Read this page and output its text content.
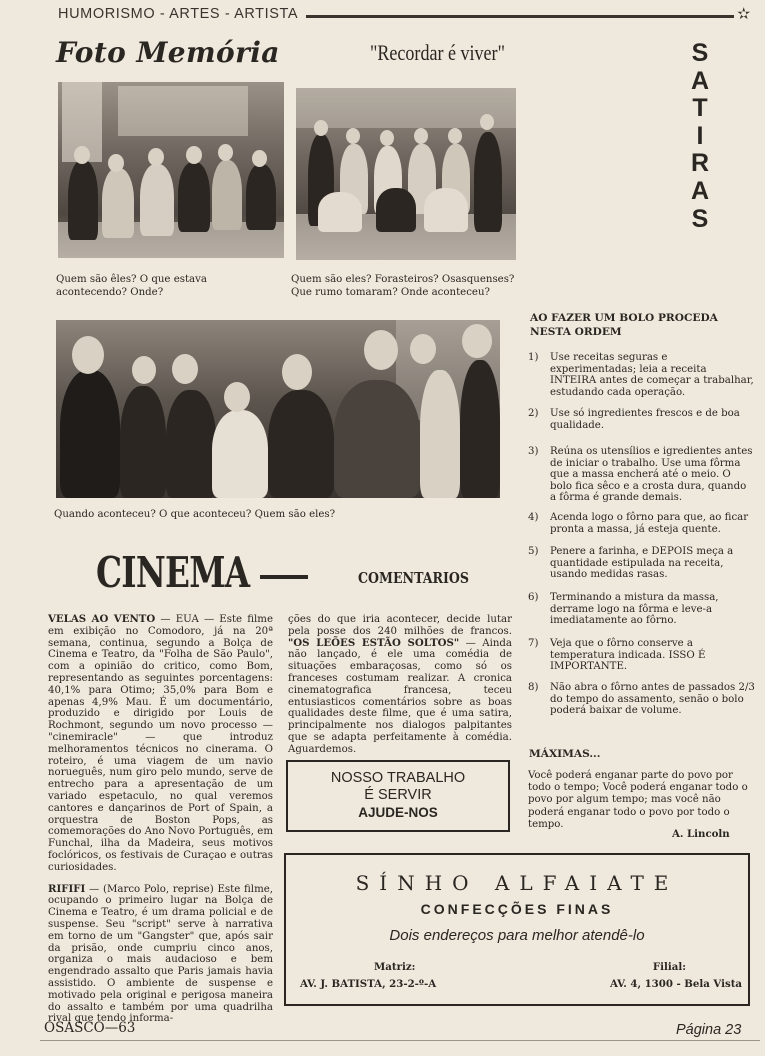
HUMORISMO - ARTES - ARTISTA	✫
Foto Memória	"Recordar é viver"
Quem são êles? O que estava acontecendo? Onde?
Quem são eles? Forasteiros? Osasquenses? Que rumo tomaram? Onde aconteceu?
Quando aconteceu? O que aconteceu? Quem são eles?
S
A
T
I
R
A
S
AO FAZER UM BOLO PROCEDA NESTA ORDEM
1) Use receitas seguras e experimentadas; leia a receita INTEIRA antes de começar a trabalhar, estudando cada operação.
2) Use só ingredientes frescos e de boa qualidade.
3) Reúna os utensílios e igredientes antes de iniciar o trabalho. Use uma fôrma que a massa encherá até o meio. O bolo fica sêco e a crosta dura, quando a fôrma é grande demais.
4) Acenda logo o fôrno para que, ao ficar pronta a massa, já esteja quente.
5) Penere a farinha, e DEPOIS meça a quantidade estipulada na receita, usando medidas rasas.
6) Terminando a mistura da massa, derrame logo na fôrma e leve-a imediatamente ao fôrno.
7) Veja que o fôrno conserve a temperatura indicada. ISSO É IMPORTANTE.
8) Não abra o fôrno antes de passados 2/3 do tempo do assamento, senão o bolo poderá baixar de volume.
MÁXIMAS...
Você poderá enganar parte do povo por todo o tempo; Você poderá enganar todo o povo por algum tempo; mas você não poderá enganar todo o povo por todo o tempo.
A. Lincoln
CINEMA	COMENTARIOS

VELAS AO VENTO — EUA — Este filme em exibição no Comodoro, já na 20ª semana, continua, segundo a Bolça de Cinema e Teatro, da "Folha de São Paulo", com a opinião do critico, como Bom, representando as seguintes porcentagens: 40,1% para Otimo; 35,0% para Bom e apenas 4,9% Mau. É um documentário, produzido e dirigido por Louis de Rochmont, segundo um novo processo — "cinemiracle" — que introduz melhoramentos técnicos no cinerama. O roteiro, é uma viagem de um navio norueguês, num giro pelo mundo, serve de entrecho para a apresentação de um variado espetaculo, no qual veremos cantores e dançarinos de Port of Spain, a orquestra de Boston Pops, as comemorações do Ano Novo Português, em Funchal, ilha da Madeira, seus motivos foclóricos, os festivais de Curaçao e outras curiosidades.

RIFIFI — (Marco Polo, reprise) Este filme, ocupando o primeiro lugar na Bolça de Cinema e Teatro, é um drama policial e de suspense. Seu "script" serve à narrativa em torno de um "Gangster" que, após sair da prisão, onde cumpriu cinco anos, organiza o mais audacioso e bem engendrado assalto que Paris jamais havia assistido. O ambiente de suspense e motivado pela original e perigosa maneira do assalto e também por uma quadrilha rival que tendo informa-

ções do que iria acontecer, decide lutar pela posse dos 240 milhões de francos. "OS LEÕES ESTÃO SOLTOS" — Ainda não lançado, é ele uma comédia de situações embaraçosas, como só os franceses costumam realizar. A cronica cinematografica francesa, teceu entusiasticos comentários sobre as boas qualidades deste filme, que é uma satira, principalmente nos dialogos palpitantes que se adapta perfeitamente à comédia. Aguardemos.

NOSSO TRABALHO
É SERVIR
AJUDE-NOS
SÍNHO ALFAIATE
CONFECÇÕES FINAS
Dois endereços para melhor atendê-lo
Matriz:
AV. J. BATISTA, 23-2-º-A
Filial:
AV. 4, 1300 - Bela Vista
OSASCO—63	Página 23
